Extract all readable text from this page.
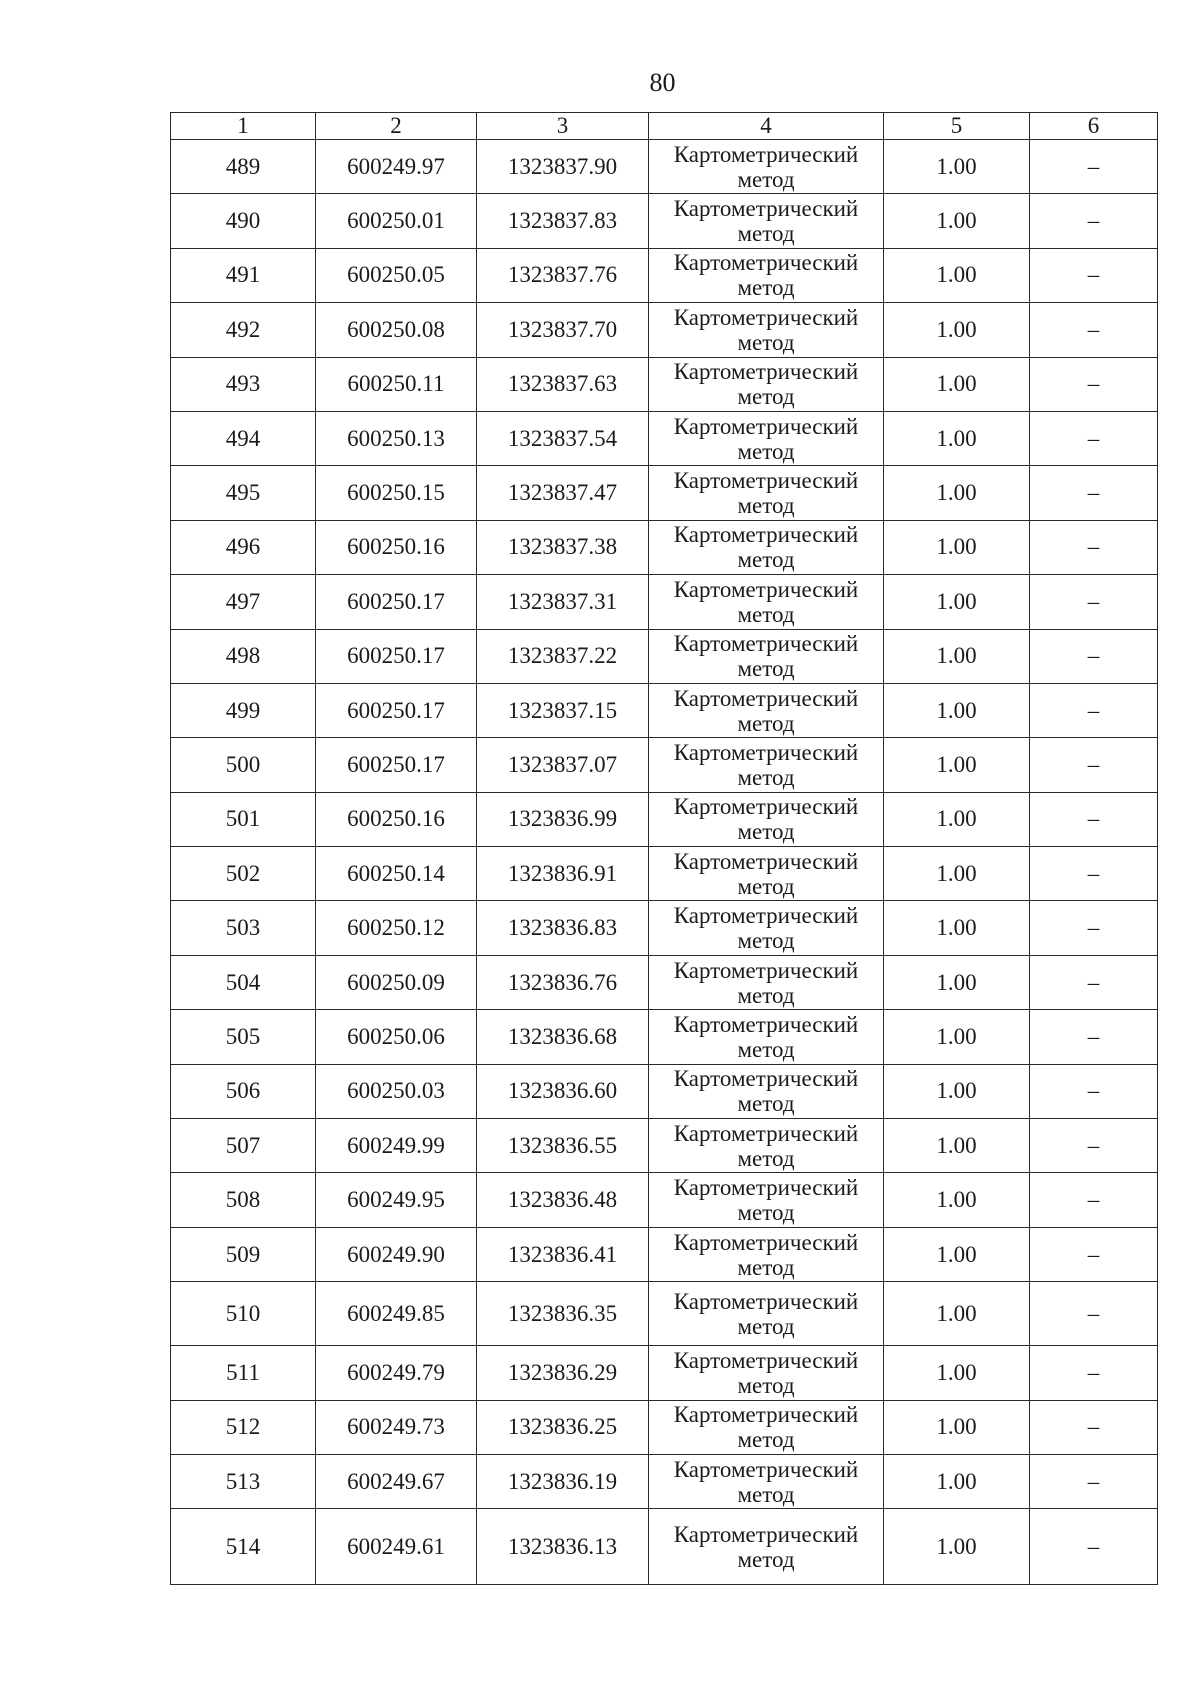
80
1	2	3	4	5	6
489	600249.97	1323837.90	Картометрический
метод	1.00	–
490	600250.01	1323837.83	Картометрический
метод	1.00	–
491	600250.05	1323837.76	Картометрический
метод	1.00	–
492	600250.08	1323837.70	Картометрический
метод	1.00	–
493	600250.11	1323837.63	Картометрический
метод	1.00	–
494	600250.13	1323837.54	Картометрический
метод	1.00	–
495	600250.15	1323837.47	Картометрический
метод	1.00	–
496	600250.16	1323837.38	Картометрический
метод	1.00	–
497	600250.17	1323837.31	Картометрический
метод	1.00	–
498	600250.17	1323837.22	Картометрический
метод	1.00	–
499	600250.17	1323837.15	Картометрический
метод	1.00	–
500	600250.17	1323837.07	Картометрический
метод	1.00	–
501	600250.16	1323836.99	Картометрический
метод	1.00	–
502	600250.14	1323836.91	Картометрический
метод	1.00	–
503	600250.12	1323836.83	Картометрический
метод	1.00	–
504	600250.09	1323836.76	Картометрический
метод	1.00	–
505	600250.06	1323836.68	Картометрический
метод	1.00	–
506	600250.03	1323836.60	Картометрический
метод	1.00	–
507	600249.99	1323836.55	Картометрический
метод	1.00	–
508	600249.95	1323836.48	Картометрический
метод	1.00	–
509	600249.90	1323836.41	Картометрический
метод	1.00	–
510	600249.85	1323836.35	Картометрический
метод	1.00	–
511	600249.79	1323836.29	Картометрический
метод	1.00	–
512	600249.73	1323836.25	Картометрический
метод	1.00	–
513	600249.67	1323836.19	Картометрический
метод	1.00	–
514	600249.61	1323836.13	Картометрический
метод	1.00	–
